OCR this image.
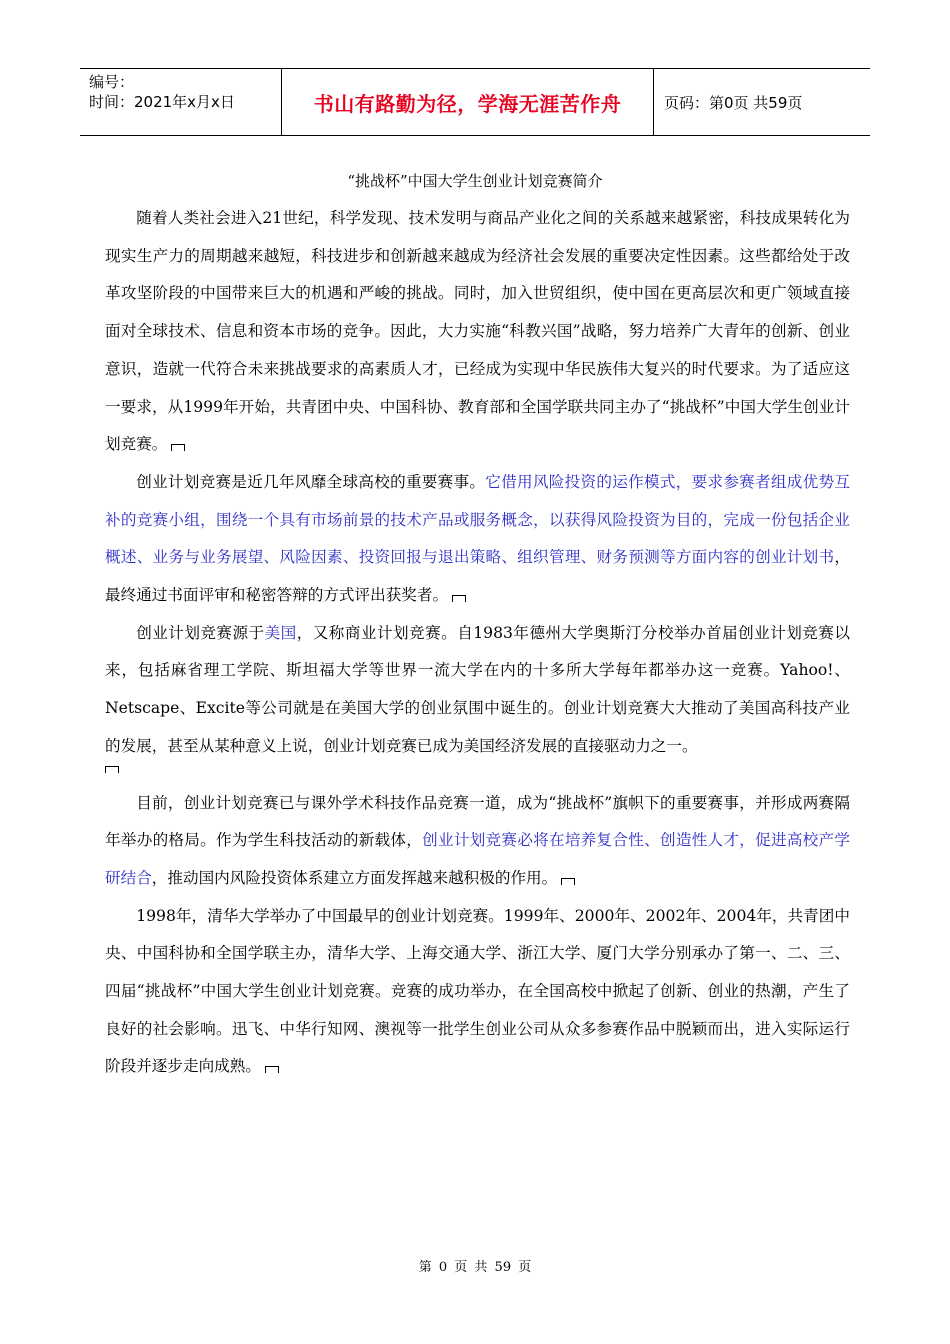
编号：
时间：2021年x月x日	书山有路勤为径，学海无涯苦作舟	页码：第0页 共59页
“挑战杯”中国大学生创业计划竞赛简介

随着人类社会进入21世纪，科学发现、技术发明与商品产业化之间的关系越来越紧密，科技成果转化为现实生产力的周期越来越短，科技进步和创新越来越成为经济社会发展的重要决定性因素。这些都给处于改革攻坚阶段的中国带来巨大的机遇和严峻的挑战。同时，加入世贸组织，使中国在更高层次和更广领域直接面对全球技术、信息和资本市场的竞争。因此，大力实施“科教兴国”战略，努力培养广大青年的创新、创业意识，造就一代符合未来挑战要求的高素质人才，已经成为实现中华民族伟大复兴的时代要求。为了适应这一要求，从1999年开始，共青团中央、中国科协、教育部和全国学联共同主办了“挑战杯”中国大学生创业计划竞赛。

创业计划竞赛是近几年风靡全球高校的重要赛事。它借用风险投资的运作模式，要求参赛者组成优势互补的竞赛小组，围绕一个具有市场前景的技术产品或服务概念，以获得风险投资为目的，完成一份包括企业概述、业务与业务展望、风险因素、投资回报与退出策略、组织管理、财务预测等方面内容的创业计划书，最终通过书面评审和秘密答辩的方式评出获奖者。

创业计划竞赛源于美国，又称商业计划竞赛。自1983年德州大学奥斯汀分校举办首届创业计划竞赛以来，包括麻省理工学院、斯坦福大学等世界一流大学在内的十多所大学每年都举办这一竞赛。Yahoo!、Netscape、Excite等公司就是在美国大学的创业氛围中诞生的。创业计划竞赛大大推动了美国高科技产业的发展，甚至从某种意义上说，创业计划竞赛已成为美国经济发展的直接驱动力之一。

目前，创业计划竞赛已与课外学术科技作品竞赛一道，成为“挑战杯”旗帜下的重要赛事，并形成两赛隔年举办的格局。作为学生科技活动的新载体，创业计划竞赛必将在培养复合性、创造性人才，促进高校产学研结合，推动国内风险投资体系建立方面发挥越来越积极的作用。

1998年，清华大学举办了中国最早的创业计划竞赛。1999年、2000年、2002年、2004年，共青团中央、中国科协和全国学联主办，清华大学、上海交通大学、浙江大学、厦门大学分别承办了第一、二、三、四届“挑战杯”中国大学生创业计划竞赛。竞赛的成功举办，在全国高校中掀起了创新、创业的热潮，产生了良好的社会影响。迅飞、中华行知网、澳视等一批学生创业公司从众多参赛作品中脱颖而出，进入实际运行阶段并逐步走向成熟。

第 0 页 共 59 页
